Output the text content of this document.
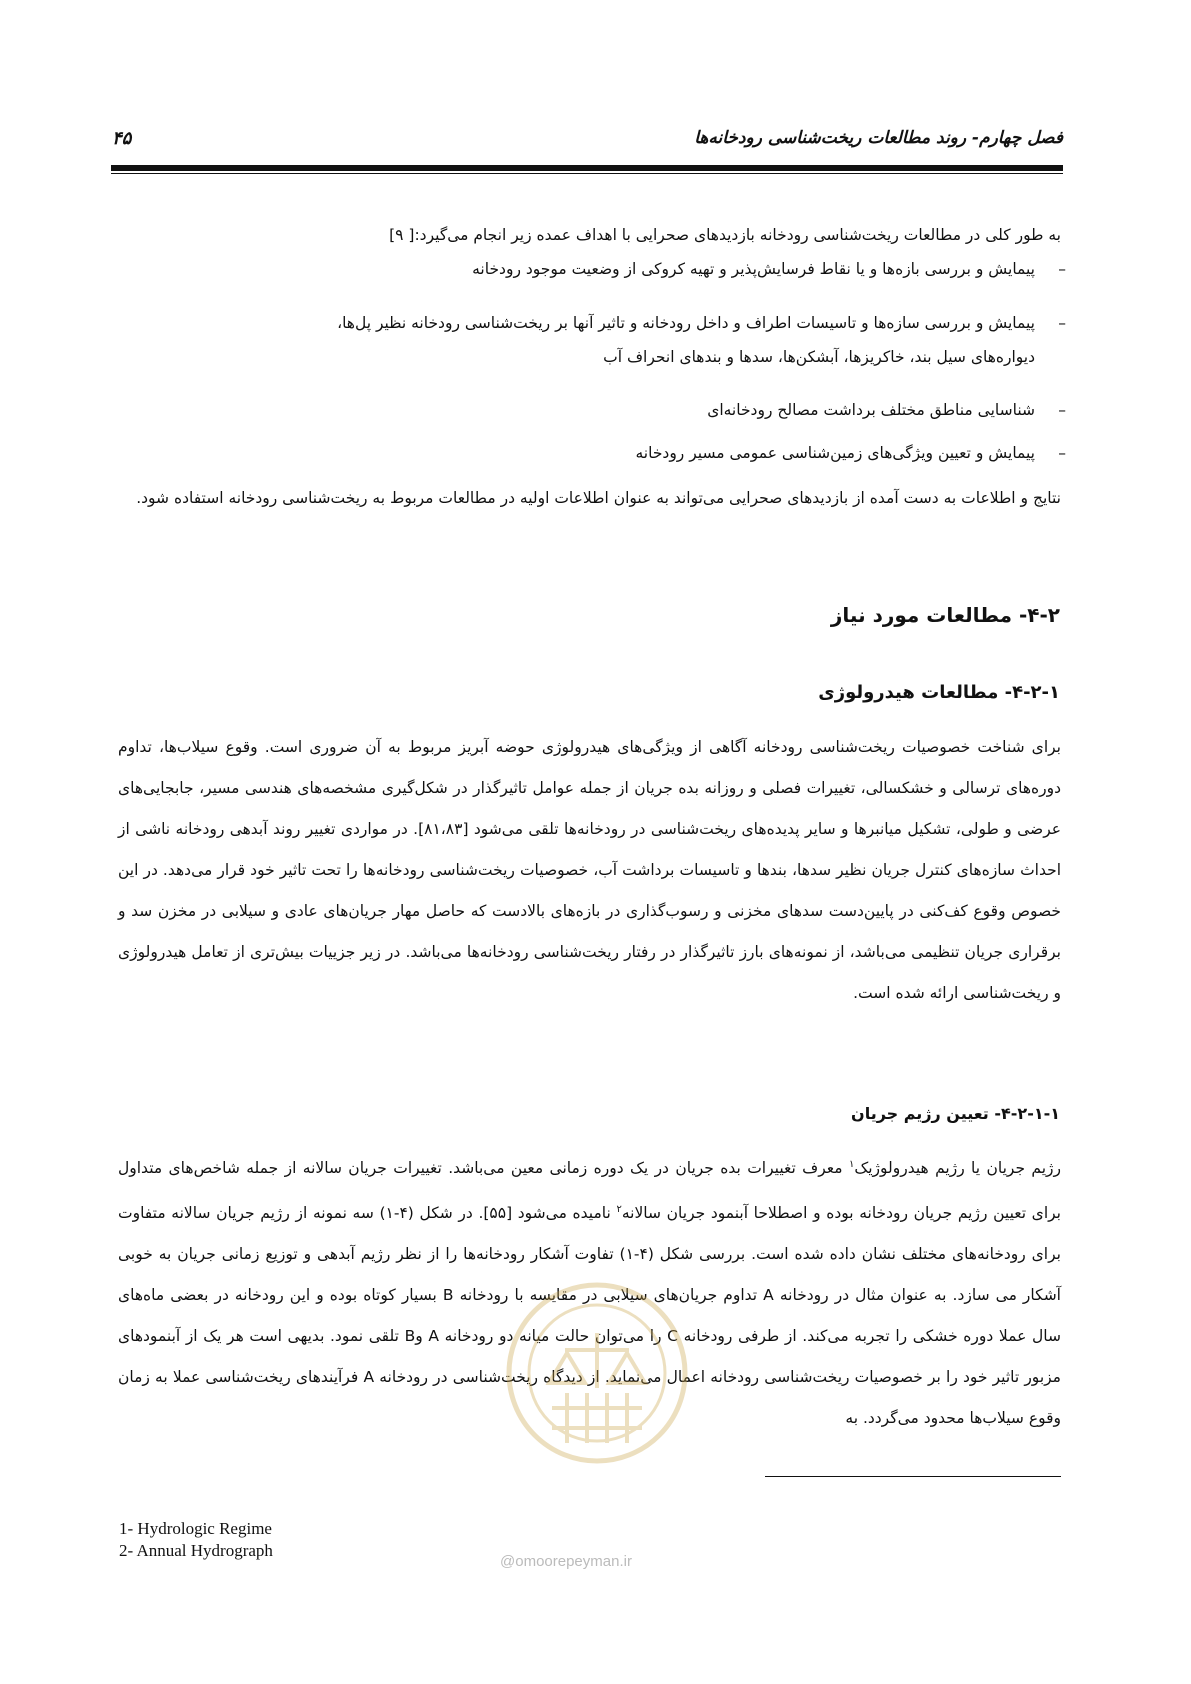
فصل چهارم- روند مطالعات ریخت‌شناسی رودخانه‌ها
۴۵
به طور کلی در مطالعات ریخت‌شناسی رودخانه بازدیدهای صحرایی با اهداف عمده زیر انجام می‌گیرد:[ ۹]
–
پیمایش و بررسی بازه‌ها و یا نقاط فرسایش‌پذیر و تهیه کروکی از وضعیت موجود رودخانه
–
پیمایش و بررسی سازه‌ها و تاسیسات اطراف و داخل رودخانه و تاثیر آنها بر ریخت‌شناسی رودخانه نظیر پل‌ها،
دیواره‌های سیل بند، خاکریزها، آبشکن‌ها، سدها و بندهای انحراف آب
–
شناسایی مناطق مختلف برداشت مصالح رودخانه‌ای
–
پیمایش و تعیین ویژگی‌های زمین‌شناسی عمومی مسیر رودخانه
نتایج و اطلاعات به دست آمده از بازدیدهای صحرایی می‌تواند به عنوان اطلاعات اولیه در مطالعات مربوط به ریخت‌شناسی رودخانه استفاده شود.
۴-۲- مطالعات مورد نیاز
۴-۲-۱- مطالعات هیدرولوژی
برای شناخت خصوصیات ریخت‌شناسی رودخانه آگاهی از ویژگی‌های هیدرولوژی حوضه آبریز مربوط به آن ضروری است. وقوع سیلاب‌ها، تداوم دوره‌های ترسالی و خشکسالی، تغییرات فصلی و روزانه بده جریان از جمله عوامل تاثیرگذار در شکل‌گیری مشخصه‌های هندسی مسیر، جابجایی‌های عرضی و طولی، تشکیل میانبرها و سایر پدیده‌های ریخت‌شناسی در رودخانه‌ها تلقی می‌شود [۸۱،۸۳]. در مواردی تغییر روند آبدهی رودخانه ناشی از احداث سازه‌های کنترل جریان نظیر سدها، بندها و تاسیسات برداشت آب، خصوصیات ریخت‌شناسی رودخانه‌ها را تحت تاثیر خود قرار می‌دهد. در این خصوص وقوع کف‌کنی در پایین‌دست سدهای مخزنی و رسوب‌گذاری در بازه‌های بالادست که حاصل مهار جریان‌های عادی و سیلابی در مخزن سد و برقراری جریان تنظیمی می‌باشد، از نمونه‌های بارز تاثیرگذار در رفتار ریخت‌شناسی رودخانه‌ها می‌باشد. در زیر جزییات بیش‌تری از تعامل هیدرولوژی و ریخت‌شناسی ارائه شده است.
۴-۲-۱-۱- تعیین رژیم جریان
رژیم جریان یا رژیم هیدرولوژیک$^۱$ معرف تغییرات بده جریان در یک دوره زمانی معین می‌باشد. تغییرات جریان سالانه از جمله شاخص‌های متداول برای تعیین رژیم جریان رودخانه بوده و اصطلاحا آبنمود جریان سالانه$^۲$ نامیده می‌شود [۵۵]. در شکل (۴-۱) سه نمونه از رژیم جریان سالانه متفاوت برای رودخانه‌های مختلف نشان داده شده است. بررسی شکل (۴-۱) تفاوت آشکار رودخانه‌ها را از نظر رژیم آبدهی و توزیع زمانی جریان به خوبی آشکار می سازد. به عنوان مثال در رودخانه A تداوم جریان‌های سیلابی در مقایسه با رودخانه B بسیار کوتاه بوده و این رودخانه در بعضی ماه‌های سال عملا دوره خشکی را تجربه می‌کند. از طرفی رودخانه C را می‌توان حالت میانه دو رودخانه A وB تلقی نمود. بدیهی است هر یک از آبنمودهای مزبور تاثیر خود را بر خصوصیات ریخت‌شناسی رودخانه اعمال می‌نماید. از دیدگاه ریخت‌شناسی در رودخانه A فرآیندهای ریخت‌شناسی عملا به زمان وقوع سیلاب‌ها محدود می‌گردد. به
1- Hydrologic Regime
2- Annual Hydrograph
@omoorepeyman.ir
